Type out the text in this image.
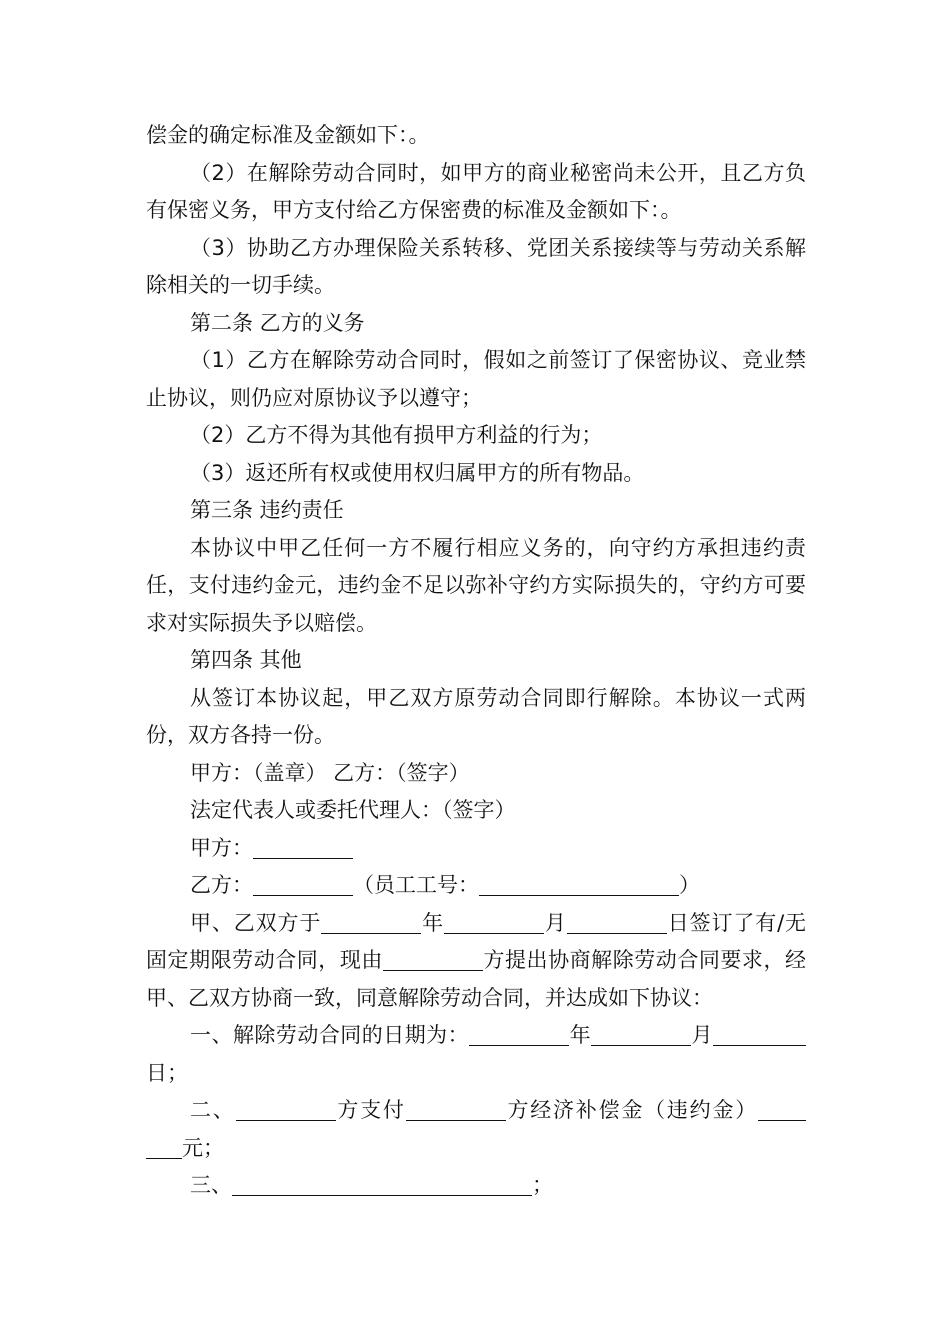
偿金的确定标准及金额如下：。

（2）在解除劳动合同时，如甲方的商业秘密尚未公开，且乙方负有保密义务，甲方支付给乙方保密费的标准及金额如下：。

（3）协助乙方办理保险关系转移、党团关系接续等与劳动关系解除相关的一切手续。

第二条 乙方的义务

（1）乙方在解除劳动合同时，假如之前签订了保密协议、竞业禁止协议，则仍应对原协议予以遵守；

（2）乙方不得为其他有损甲方利益的行为；

（3）返还所有权或使用权归属甲方的所有物品。

第三条 违约责任

本协议中甲乙任何一方不履行相应义务的，向守约方承担违约责任，支付违约金元，违约金不足以弥补守约方实际损失的，守约方可要求对实际损失予以赔偿。

第四条 其他

从签订本协议起，甲乙双方原劳动合同即行解除。本协议一式两份，双方各持一份。

甲方：（盖章） 乙方：（签字）

法定代表人或委托代理人：（签字）

甲方：

乙方：	（员工工号：	）

甲、乙双方于	年	月	日签订了有/无固定期限劳动合同，现由	方提出协商解除劳动合同要求，经甲、乙双方协商一致，同意解除劳动合同，并达成如下协议：

一、解除劳动合同的日期为：	年	月日；

二、	方支付	方经济补偿金（违约金）元；

三、	；
